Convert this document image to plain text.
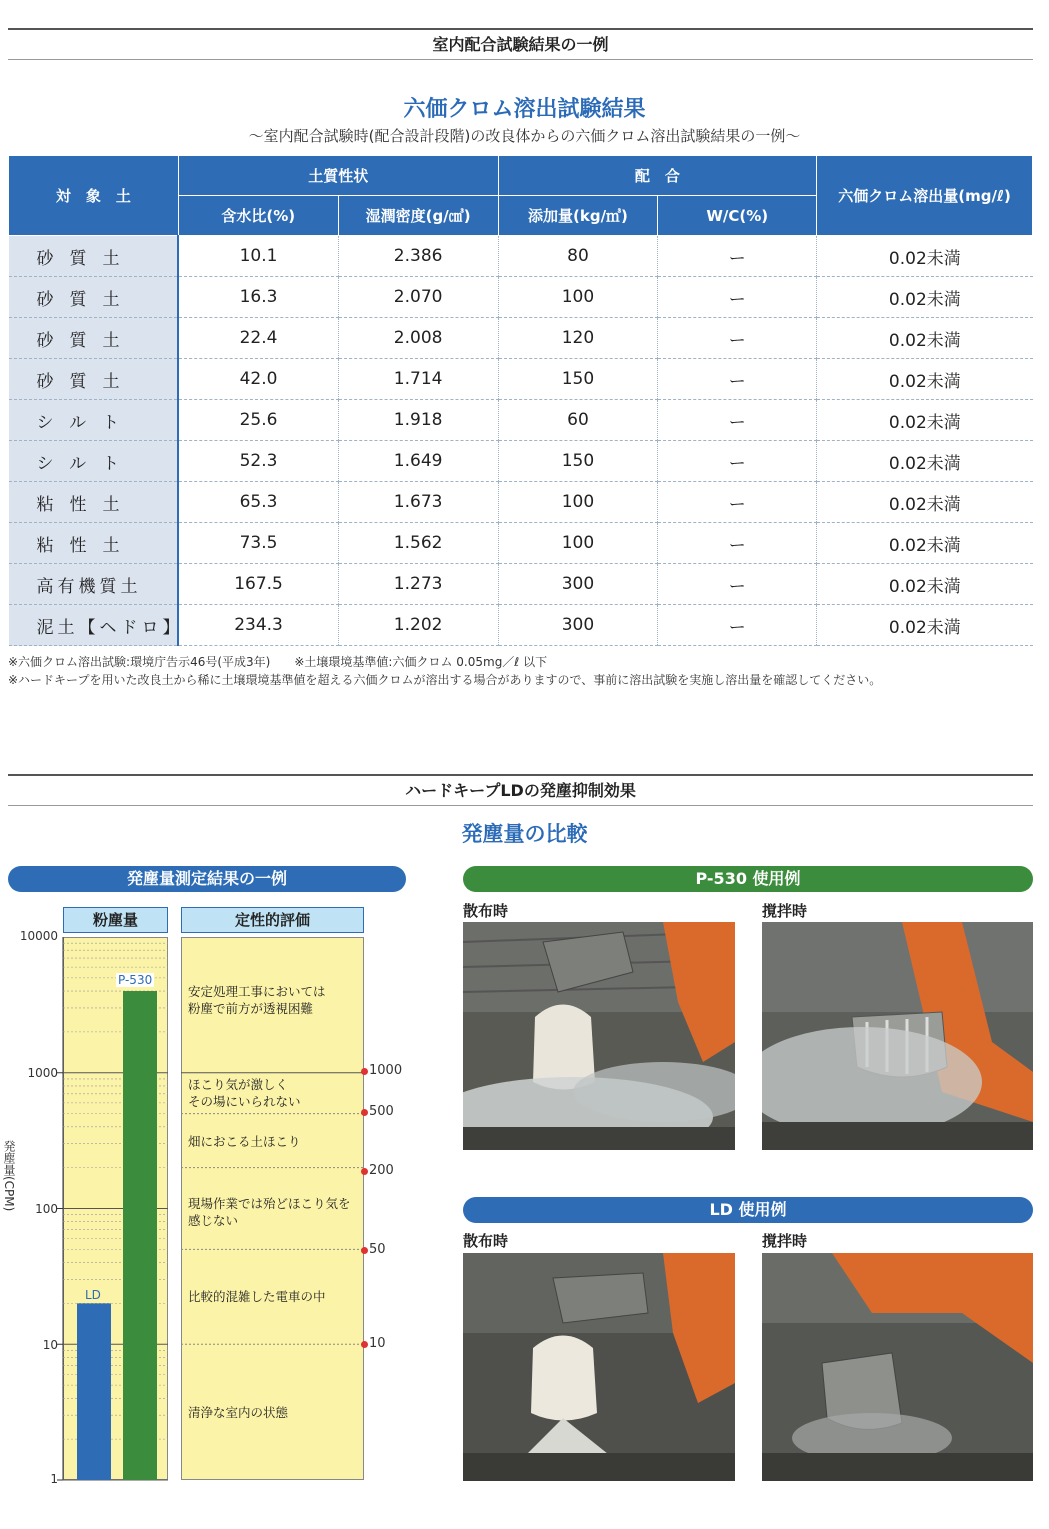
室内配合試験結果の一例
六価クロム溶出試験結果
〜室内配合試験時(配合設計段階)の改良体からの六価クロム溶出試験結果の一例〜
対　象　土	土質性状		配　合		六価クロム溶出量(mg/ℓ)
	含水比(%)	湿潤密度(g/㎤)	添加量(kg/㎥)	W/C(%)	
砂質土	10.1	2.386	80	ー	0.02未満
砂質土	16.3	2.070	100	ー	0.02未満
砂質土	22.4	2.008	120	ー	0.02未満
砂質土	42.0	1.714	150	ー	0.02未満
シルト	25.6	1.918	60	ー	0.02未満
シルト	52.3	1.649	150	ー	0.02未満
粘性土	65.3	1.673	100	ー	0.02未満
粘性土	73.5	1.562	100	ー	0.02未満
高有機質土	167.5	1.273	300	ー	0.02未満
泥土【ヘドロ】	234.3	1.202	300	ー	0.02未満
※六価クロム溶出試験:環境庁告示46号(平成3年)　　※土壌環境基準値:六価クロム 0.05mg／ℓ 以下
※ハードキープを用いた改良土から稀に土壌環境基準値を超える六価クロムが溶出する場合がありますので、事前に溶出試験を実施し溶出量を確認してください。
ハードキープLDの発塵抑制効果
発塵量の比較
発塵量測定結果の一例
粉塵量	定性的評価
10000
1000
100
10
1
発塵量(CPM)
P-530
LD
安定処理工事においては
粉塵で前方が透視困難
ほこり気が激しく
その場にいられない
畑におこる土ほこり
現場作業では殆どほこり気を
感じない
比較的混雑した電車の中
清浄な室内の状態
1000
500
200
50
10
P-530 使用例
散布時	撹拌時
LD 使用例
散布時	撹拌時
